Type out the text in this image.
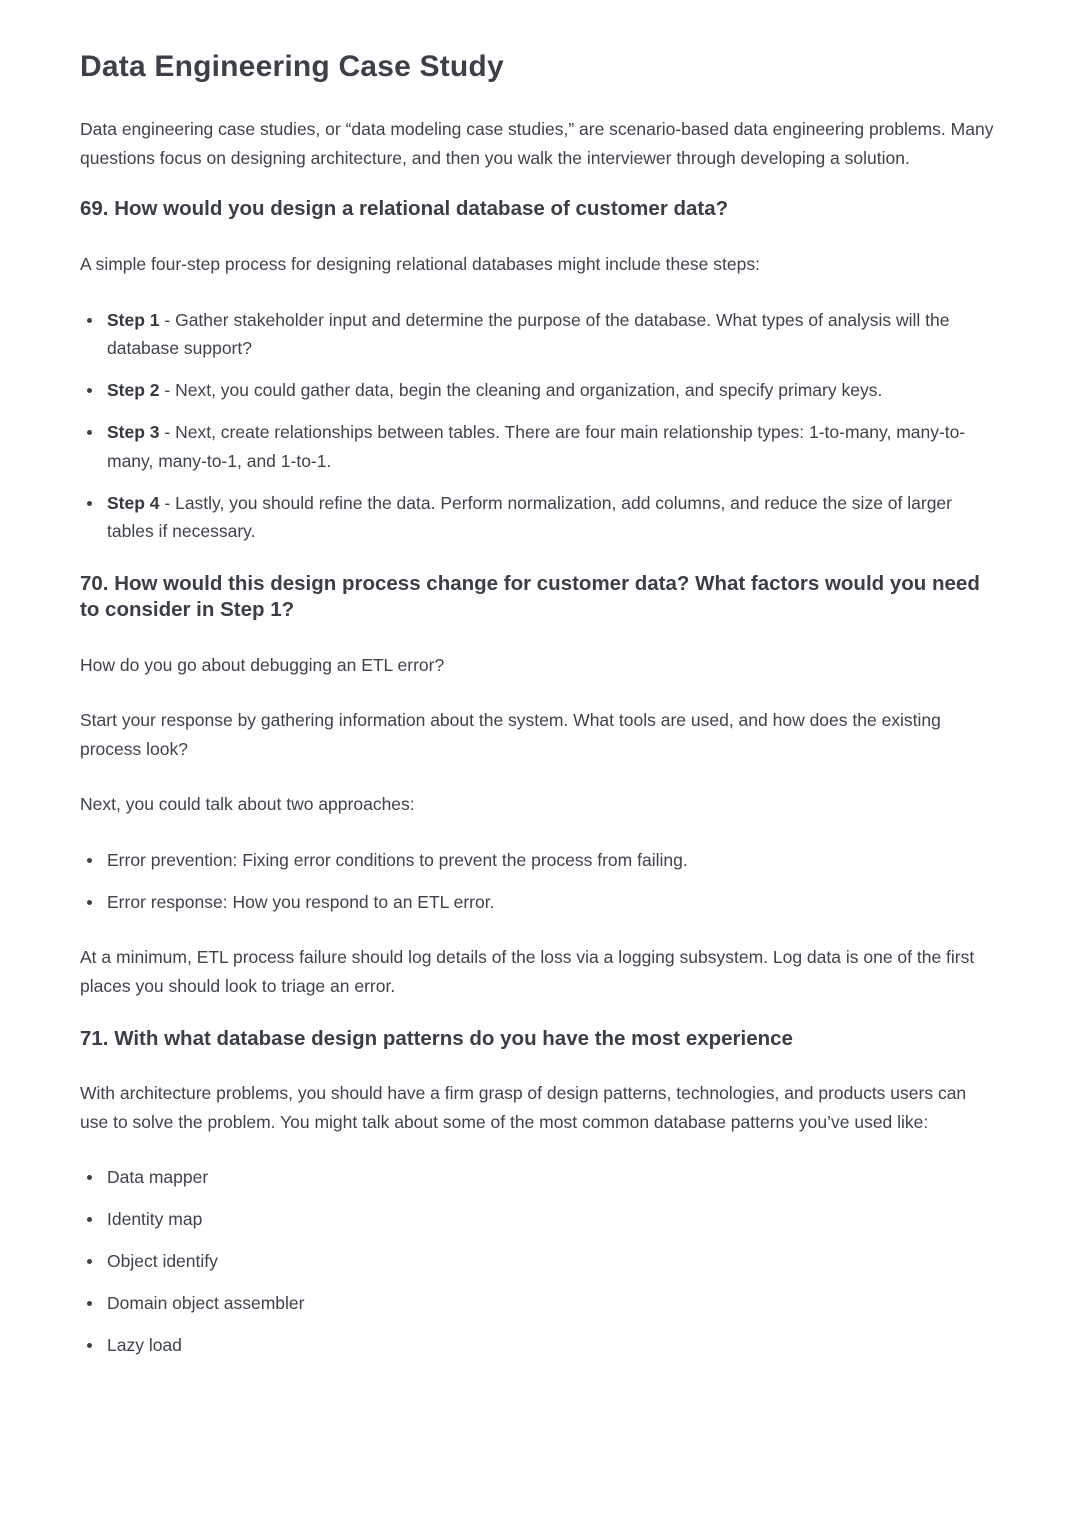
Data Engineering Case Study

Data engineering case studies, or “data modeling case studies,” are scenario-based data engineering problems. Many questions focus on designing architecture, and then you walk the interviewer through developing a solution.

69. How would you design a relational database of customer data?

A simple four-step process for designing relational databases might include these steps:

Step 1 - Gather stakeholder input and determine the purpose of the database. What types of analysis will the database support?
Step 2 - Next, you could gather data, begin the cleaning and organization, and specify primary keys.
Step 3 - Next, create relationships between tables. There are four main relationship types: 1-to-many, many-to-many, many-to-1, and 1-to-1.
Step 4 - Lastly, you should refine the data. Perform normalization, add columns, and reduce the size of larger tables if necessary.
70. How would this design process change for customer data? What factors would you need to consider in Step 1?

How do you go about debugging an ETL error?

Start your response by gathering information about the system. What tools are used, and how does the existing process look?

Next, you could talk about two approaches:

Error prevention: Fixing error conditions to prevent the process from failing.
Error response: How you respond to an ETL error.

At a minimum, ETL process failure should log details of the loss via a logging subsystem. Log data is one of the first places you should look to triage an error.

71. With what database design patterns do you have the most experience

With architecture problems, you should have a firm grasp of design patterns, technologies, and products users can use to solve the problem. You might talk about some of the most common database patterns you’ve used like:

Data mapper
Identity map
Object identify
Domain object assembler
Lazy load
